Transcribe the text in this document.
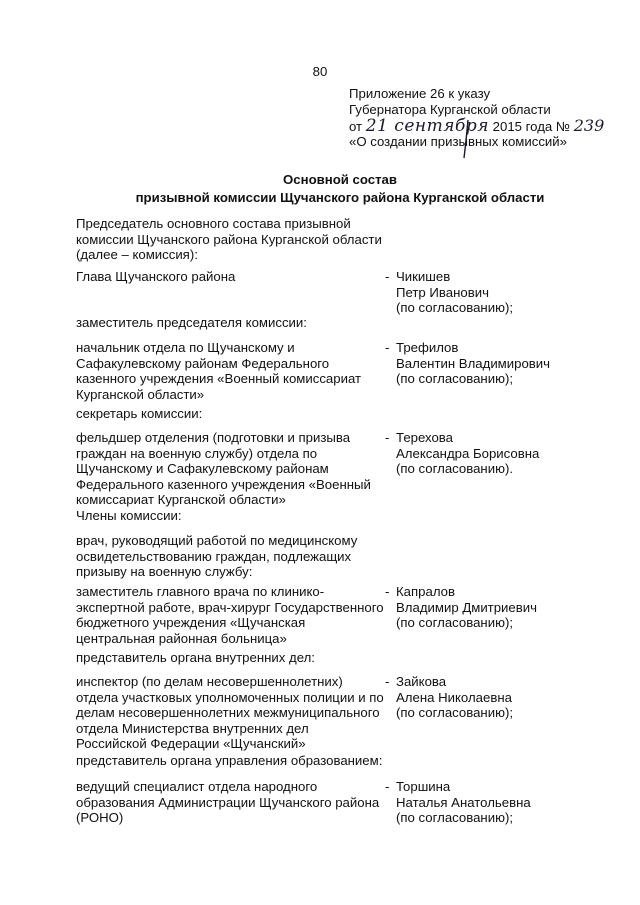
80
Приложение 26 к указу
Губернатора Курганской области
от 21 сентября 2015 года № 239
«О создании призывных комиссий»
Основной состав
призывной комиссии Щучанского района Курганской области
Председатель основного состава призывной
комиссии Щучанского района Курганской области
(далее – комиссия):
Глава Щучанского района	- Чикишев
Петр Иванович
(по согласованию);
заместитель председателя комиссии:
начальник отдела по Щучанскому и
Сафакулевскому районам Федерального
казенного учреждения «Военный комиссариат
Курганской области»
- Трефилов
Валентин Владимирович
(по согласованию);
секретарь комиссии:
фельдшер отделения (подготовки и призыва
граждан на военную службу) отдела по
Щучанскому и Сафакулевскому районам
Федерального казенного учреждения «Военный
комиссариат Курганской области»
- Терехова
Александра Борисовна
(по согласованию).
Члены комиссии:
врач, руководящий работой по медицинскому
освидетельствованию граждан, подлежащих
призыву на военную службу:
заместитель главного врача по клинико-
экспертной работе, врач-хирург Государственного
бюджетного учреждения «Щучанская
центральная районная больница»
- Капралов
Владимир Дмитриевич
(по согласованию);
представитель органа внутренних дел:
инспектор (по делам несовершеннолетних)
отдела участковых уполномоченных полиции и по
делам несовершеннолетних межмуниципального
отдела Министерства внутренних дел
Российской Федерации «Щучанский»
- Зайкова
Алена Николаевна
(по согласованию);
представитель органа управления образованием:
ведущий специалист отдела народного
образования Администрации Щучанского района
(РОНО)
- Торшина
Наталья Анатольевна
(по согласованию);
